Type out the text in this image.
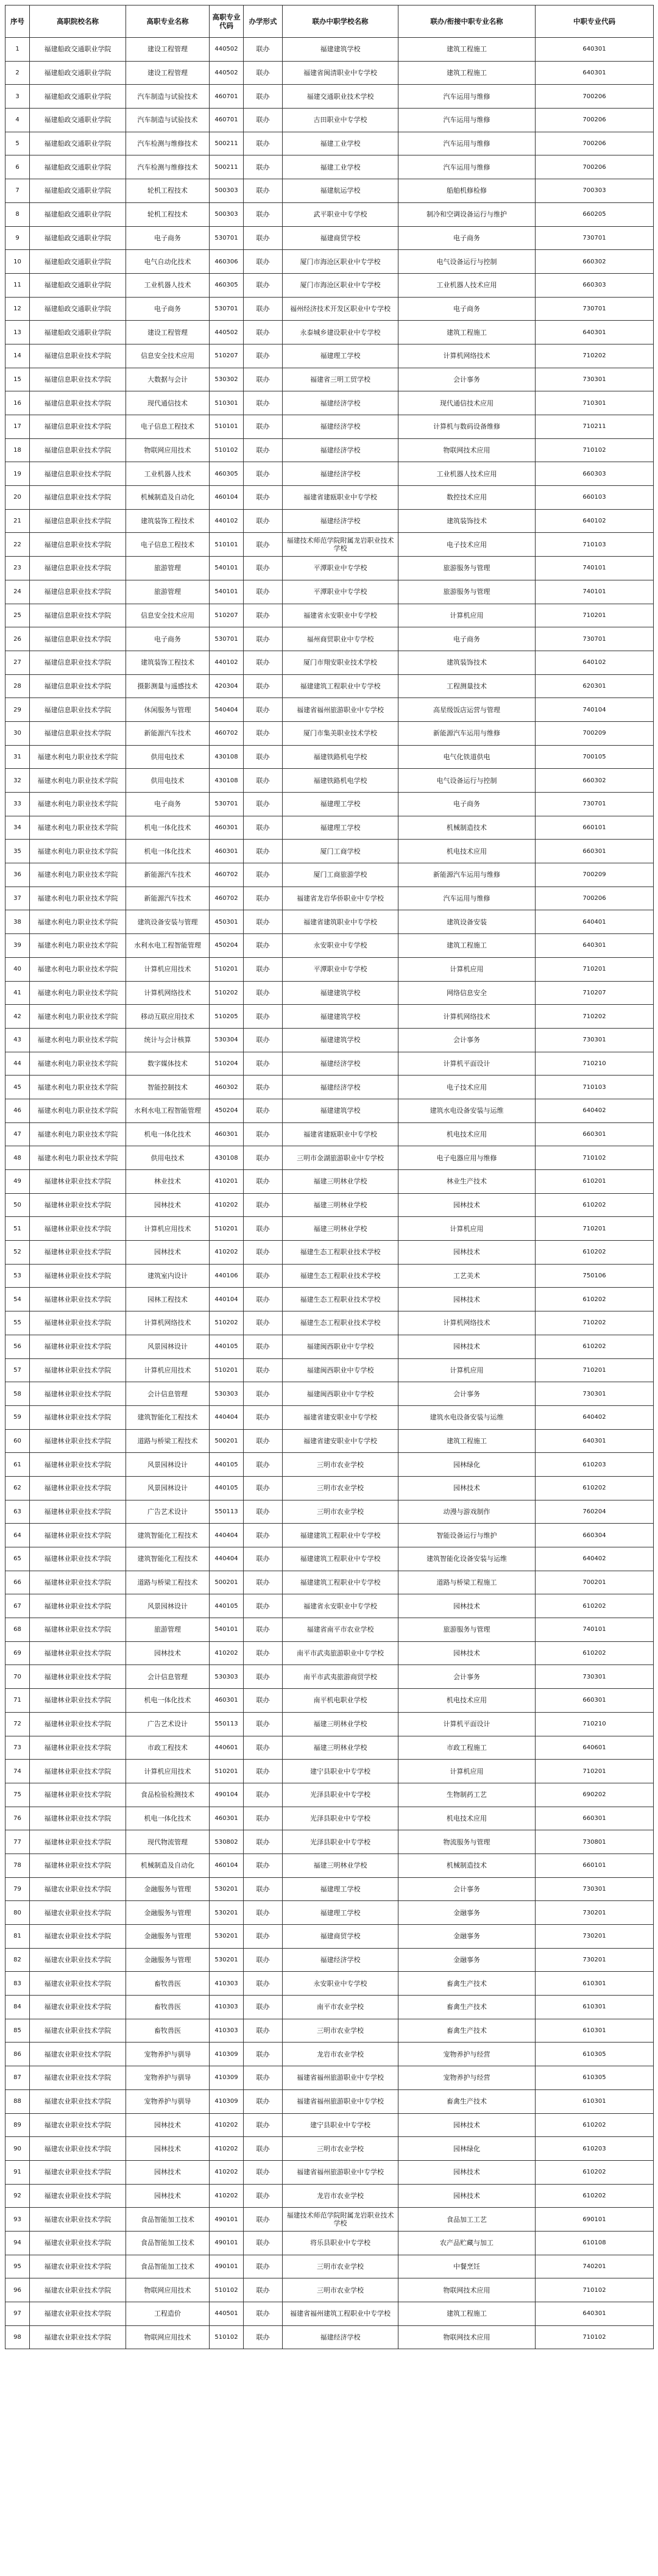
序号	高职院校名称	高职专业名称	高职专业代码	办学形式	联办中职学校名称	联办/衔接中职专业名称	中职专业代码
1	福建船政交通职业学院	建设工程管理	440502	联办	福建建筑学校	建筑工程施工	640301
2	福建船政交通职业学院	建设工程管理	440502	联办	福建省闽清职业中专学校	建筑工程施工	640301
3	福建船政交通职业学院	汽车制造与试验技术	460701	联办	福建交通职业技术学校	汽车运用与维修	700206
4	福建船政交通职业学院	汽车制造与试验技术	460701	联办	古田职业中专学校	汽车运用与维修	700206
5	福建船政交通职业学院	汽车检测与维修技术	500211	联办	福建工业学校	汽车运用与维修	700206
6	福建船政交通职业学院	汽车检测与维修技术	500211	联办	福建工业学校	汽车运用与维修	700206
7	福建船政交通职业学院	轮机工程技术	500303	联办	福建航运学校	船舶机修检修	700303
8	福建船政交通职业学院	轮机工程技术	500303	联办	武平职业中专学校	制冷和空调设备运行与维护	660205
9	福建船政交通职业学院	电子商务	530701	联办	福建商贸学校	电子商务	730701
10	福建船政交通职业学院	电气自动化技术	460306	联办	厦门市海沧区职业中专学校	电气设备运行与控制	660302
11	福建船政交通职业学院	工业机器人技术	460305	联办	厦门市海沧区职业中专学校	工业机器人技术应用	660303
12	福建船政交通职业学院	电子商务	530701	联办	福州经济技术开发区职业中专学校	电子商务	730701
13	福建船政交通职业学院	建设工程管理	440502	联办	永泰城乡建设职业中专学校	建筑工程施工	640301
14	福建信息职业技术学院	信息安全技术应用	510207	联办	福建理工学校	计算机网络技术	710202
15	福建信息职业技术学院	大数据与会计	530302	联办	福建省三明工贸学校	会计事务	730301
16	福建信息职业技术学院	现代通信技术	510301	联办	福建经济学校	现代通信技术应用	710301
17	福建信息职业技术学院	电子信息工程技术	510101	联办	福建经济学校	计算机与数码设备维修	710211
18	福建信息职业技术学院	物联网应用技术	510102	联办	福建经济学校	物联网技术应用	710102
19	福建信息职业技术学院	工业机器人技术	460305	联办	福建经济学校	工业机器人技术应用	660303
20	福建信息职业技术学院	机械制造及自动化	460104	联办	福建省建瓯职业中专学校	数控技术应用	660103
21	福建信息职业技术学院	建筑装饰工程技术	440102	联办	福建经济学校	建筑装饰技术	640102
22	福建信息职业技术学院	电子信息工程技术	510101	联办	福建技术师范学院附属龙岩职业技术学校	电子技术应用	710103
23	福建信息职业技术学院	旅游管理	540101	联办	平潭职业中专学校	旅游服务与管理	740101
24	福建信息职业技术学院	旅游管理	540101	联办	平潭职业中专学校	旅游服务与管理	740101
25	福建信息职业技术学院	信息安全技术应用	510207	联办	福建省永安职业中专学校	计算机应用	710201
26	福建信息职业技术学院	电子商务	530701	联办	福州商贸职业中专学校	电子商务	730701
27	福建信息职业技术学院	建筑装饰工程技术	440102	联办	厦门市翔安职业技术学校	建筑装饰技术	640102
28	福建信息职业技术学院	摄影测量与遥感技术	420304	联办	福建建筑工程职业中专学校	工程测量技术	620301
29	福建信息职业技术学院	休闲服务与管理	540404	联办	福建省福州旅游职业中专学校	高星级饭店运营与管理	740104
30	福建信息职业技术学院	新能源汽车技术	460702	联办	厦门市集美职业技术学校	新能源汽车运用与维修	700209
31	福建水利电力职业技术学院	供用电技术	430108	联办	福建铁路机电学校	电气化铁道供电	700105
32	福建水利电力职业技术学院	供用电技术	430108	联办	福建铁路机电学校	电气设备运行与控制	660302
33	福建水利电力职业技术学院	电子商务	530701	联办	福建理工学校	电子商务	730701
34	福建水利电力职业技术学院	机电一体化技术	460301	联办	福建理工学校	机械制造技术	660101
35	福建水利电力职业技术学院	机电一体化技术	460301	联办	厦门工商学校	机电技术应用	660301
36	福建水利电力职业技术学院	新能源汽车技术	460702	联办	厦门工商旅游学校	新能源汽车运用与维修	700209
37	福建水利电力职业技术学院	新能源汽车技术	460702	联办	福建省龙岩华侨职业中专学校	汽车运用与维修	700206
38	福建水利电力职业技术学院	建筑设备安装与管理	450301	联办	福建省建筑职业中专学校	建筑设备安装	640401
39	福建水利电力职业技术学院	水利水电工程智能管理	450204	联办	永安职业中专学校	建筑工程施工	640301
40	福建水利电力职业技术学院	计算机应用技术	510201	联办	平潭职业中专学校	计算机应用	710201
41	福建水利电力职业技术学院	计算机网络技术	510202	联办	福建建筑学校	网络信息安全	710207
42	福建水利电力职业技术学院	移动互联应用技术	510205	联办	福建建筑学校	计算机网络技术	710202
43	福建水利电力职业技术学院	统计与会计核算	530304	联办	福建建筑学校	会计事务	730301
44	福建水利电力职业技术学院	数字媒体技术	510204	联办	福建经济学校	计算机平面设计	710210
45	福建水利电力职业技术学院	智能控制技术	460302	联办	福建经济学校	电子技术应用	710103
46	福建水利电力职业技术学院	水利水电工程智能管理	450204	联办	福建建筑学校	建筑水电设备安装与运维	640402
47	福建水利电力职业技术学院	机电一体化技术	460301	联办	福建省建瓯职业中专学校	机电技术应用	660301
48	福建水利电力职业技术学院	供用电技术	430108	联办	三明市金湖旅游职业中专学校	电子电器应用与维修	710102
49	福建林业职业技术学院	林业技术	410201	联办	福建三明林业学校	林业生产技术	610201
50	福建林业职业技术学院	园林技术	410202	联办	福建三明林业学校	园林技术	610202
51	福建林业职业技术学院	计算机应用技术	510201	联办	福建三明林业学校	计算机应用	710201
52	福建林业职业技术学院	园林技术	410202	联办	福建生态工程职业技术学校	园林技术	610202
53	福建林业职业技术学院	建筑室内设计	440106	联办	福建生态工程职业技术学校	工艺美术	750106
54	福建林业职业技术学院	园林工程技术	440104	联办	福建生态工程职业技术学校	园林技术	610202
55	福建林业职业技术学院	计算机网络技术	510202	联办	福建生态工程职业技术学校	计算机网络技术	710202
56	福建林业职业技术学院	风景园林设计	440105	联办	福建闽西职业中专学校	园林技术	610202
57	福建林业职业技术学院	计算机应用技术	510201	联办	福建闽西职业中专学校	计算机应用	710201
58	福建林业职业技术学院	会计信息管理	530303	联办	福建闽西职业中专学校	会计事务	730301
59	福建林业职业技术学院	建筑智能化工程技术	440404	联办	福建省建安职业中专学校	建筑水电设备安装与运维	640402
60	福建林业职业技术学院	道路与桥梁工程技术	500201	联办	福建省建安职业中专学校	建筑工程施工	640301
61	福建林业职业技术学院	风景园林设计	440105	联办	三明市农业学校	园林绿化	610203
62	福建林业职业技术学院	风景园林设计	440105	联办	三明市农业学校	园林技术	610202
63	福建林业职业技术学院	广告艺术设计	550113	联办	三明市农业学校	动漫与游戏制作	760204
64	福建林业职业技术学院	建筑智能化工程技术	440404	联办	福建建筑工程职业中专学校	智能设备运行与维护	660304
65	福建林业职业技术学院	建筑智能化工程技术	440404	联办	福建建筑工程职业中专学校	建筑智能化设备安装与运维	640402
66	福建林业职业技术学院	道路与桥梁工程技术	500201	联办	福建建筑工程职业中专学校	道路与桥梁工程施工	700201
67	福建林业职业技术学院	风景园林设计	440105	联办	福建省永安职业中专学校	园林技术	610202
68	福建林业职业技术学院	旅游管理	540101	联办	福建省南平市农业学校	旅游服务与管理	740101
69	福建林业职业技术学院	园林技术	410202	联办	南平市武夷旅游职业中专学校	园林技术	610202
70	福建林业职业技术学院	会计信息管理	530303	联办	南平市武夷旅游商贸学校	会计事务	730301
71	福建林业职业技术学院	机电一体化技术	460301	联办	南平机电职业学校	机电技术应用	660301
72	福建林业职业技术学院	广告艺术设计	550113	联办	福建三明林业学校	计算机平面设计	710210
73	福建林业职业技术学院	市政工程技术	440601	联办	福建三明林业学校	市政工程施工	640601
74	福建林业职业技术学院	计算机应用技术	510201	联办	建宁县职业中专学校	计算机应用	710201
75	福建林业职业技术学院	食品检验检测技术	490104	联办	光泽县职业中专学校	生物制药工艺	690202
76	福建林业职业技术学院	机电一体化技术	460301	联办	光泽县职业中专学校	机电技术应用	660301
77	福建林业职业技术学院	现代物流管理	530802	联办	光泽县职业中专学校	物流服务与管理	730801
78	福建林业职业技术学院	机械制造及自动化	460104	联办	福建三明林业学校	机械制造技术	660101
79	福建农业职业技术学院	金融服务与管理	530201	联办	福建理工学校	会计事务	730301
80	福建农业职业技术学院	金融服务与管理	530201	联办	福建理工学校	金融事务	730201
81	福建农业职业技术学院	金融服务与管理	530201	联办	福建商贸学校	金融事务	730201
82	福建农业职业技术学院	金融服务与管理	530201	联办	福建经济学校	金融事务	730201
83	福建农业职业技术学院	畜牧兽医	410303	联办	永安职业中专学校	畜禽生产技术	610301
84	福建农业职业技术学院	畜牧兽医	410303	联办	南平市农业学校	畜禽生产技术	610301
85	福建农业职业技术学院	畜牧兽医	410303	联办	三明市农业学校	畜禽生产技术	610301
86	福建农业职业技术学院	宠物养护与驯导	410309	联办	龙岩市农业学校	宠物养护与经营	610305
87	福建农业职业技术学院	宠物养护与驯导	410309	联办	福建省福州旅游职业中专学校	宠物养护与经营	610305
88	福建农业职业技术学院	宠物养护与驯导	410309	联办	福建省福州旅游职业中专学校	畜禽生产技术	610301
89	福建农业职业技术学院	园林技术	410202	联办	建宁县职业中专学校	园林技术	610202
90	福建农业职业技术学院	园林技术	410202	联办	三明市农业学校	园林绿化	610203
91	福建农业职业技术学院	园林技术	410202	联办	福建省福州旅游职业中专学校	园林技术	610202
92	福建农业职业技术学院	园林技术	410202	联办	龙岩市农业学校	园林技术	610202
93	福建农业职业技术学院	食品智能加工技术	490101	联办	福建技术师范学院附属龙岩职业技术学校	食品加工工艺	690101
94	福建农业职业技术学院	食品智能加工技术	490101	联办	将乐县职业中专学校	农产品贮藏与加工	610108
95	福建农业职业技术学院	食品智能加工技术	490101	联办	三明市农业学校	中餐烹饪	740201
96	福建农业职业技术学院	物联网应用技术	510102	联办	三明市农业学校	物联网技术应用	710102
97	福建农业职业技术学院	工程造价	440501	联办	福建省福州建筑工程职业中专学校	建筑工程施工	640301
98	福建农业职业技术学院	物联网应用技术	510102	联办	福建经济学校	物联网技术应用	710102
